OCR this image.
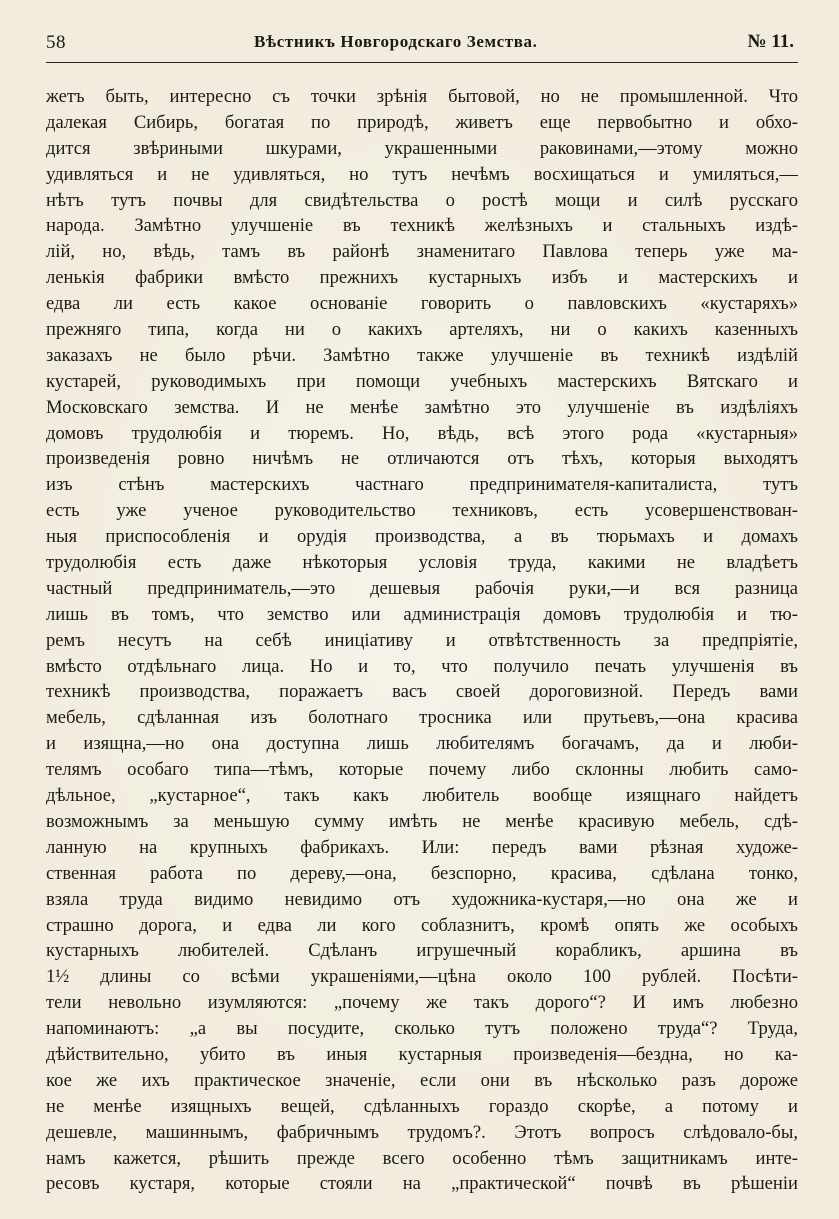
58	Вѣстникъ Новгородскаго Земства.	№ 11.
жетъ быть, интересно съ точки зрѣнія бытовой, но не промышленной. Что
далекая Сибирь, богатая по природѣ, живетъ еще первобытно и обхо-
дится звѣриными шкурами, украшенными раковинами,—этому можно
удивляться и не удивляться, но тутъ нечѣмъ восхищаться и умиляться,—
нѣтъ тутъ почвы для свидѣтельства о ростѣ мощи и силѣ русскаго
народа. Замѣтно улучшеніе въ техникѣ желѣзныхъ и стальныхъ издѣ-
лій, но, вѣдь, тамъ въ районѣ знаменитаго Павлова теперь уже ма-
ленькія фабрики вмѣсто прежнихъ кустарныхъ избъ и мастерскихъ и
едва ли есть какое основаніе говорить о павловскихъ «кустаряхъ»
прежняго типа, когда ни о какихъ артеляхъ, ни о какихъ казенныхъ
заказахъ не было рѣчи. Замѣтно также улучшеніе въ техникѣ издѣлій
кустарей, руководимыхъ при помощи учебныхъ мастерскихъ Вятскаго и
Московскаго земства. И не менѣе замѣтно это улучшеніе въ издѣліяхъ
домовъ трудолюбія и тюремъ. Но, вѣдь, всѣ этого рода «кустарныя»
произведенія ровно ничѣмъ не отличаются отъ тѣхъ, которыя выходятъ
изъ стѣнъ мастерскихъ частнаго предпринимателя-капиталиста, тутъ
есть уже ученое руководительство техниковъ, есть усовершенствован-
ныя приспособленія и орудія производства, а въ тюрьмахъ и домахъ
трудолюбія есть даже нѣкоторыя условія труда, какими не владѣетъ
частный предприниматель,—это дешевыя рабочія руки,—и вся разница
лишь въ томъ, что земство или администрація домовъ трудолюбія и тю-
ремъ несутъ на себѣ иниціативу и отвѣтственность за предпріятіе,
вмѣсто отдѣльнаго лица. Но и то, что получило печать улучшенія въ
техникѣ производства, поражаетъ васъ своей дороговизной. Передъ вами
мебель, сдѣланная изъ болотнаго тросника или прутьевъ,—она красива
и изящна,—но она доступна лишь любителямъ богачамъ, да и люби-
телямъ особаго типа—тѣмъ, которые почему либо склонны любить само-
дѣльное, „кустарное“, такъ какъ любитель вообще изящнаго найдетъ
возможнымъ за меньшую сумму имѣть не менѣе красивую мебель, сдѣ-
ланную на крупныхъ фабрикахъ. Или: передъ вами рѣзная художе-
ственная работа по дереву,—она, безспорно, красива, сдѣлана тонко,
взяла труда видимо невидимо отъ художника-кустаря,—но она же и
страшно дорога, и едва ли кого соблазнитъ, кромѣ опять же особыхъ
кустарныхъ любителей. Сдѣланъ игрушечный корабликъ, аршина въ
1½ длины со всѣми украшеніями,—цѣна около 100 рублей. Посѣти-
тели невольно изумляются: „почему же такъ дорого“? И имъ любезно
напоминаютъ: „а вы посудите, сколько тутъ положено труда“? Труда,
дѣйствительно, убито въ иныя кустарныя произведенія—бездна, но ка-
кое же ихъ практическое значеніе, если они въ нѣсколько разъ дороже
не менѣе изящныхъ вещей, сдѣланныхъ гораздо скорѣе, а потому и
дешевле, машиннымъ, фабричнымъ трудомъ?. Этотъ вопросъ слѣдовало-бы,
намъ кажется, рѣшить прежде всего особенно тѣмъ защитникамъ инте-
ресовъ кустаря, которые стояли на „практической“ почвѣ въ рѣшеніи
